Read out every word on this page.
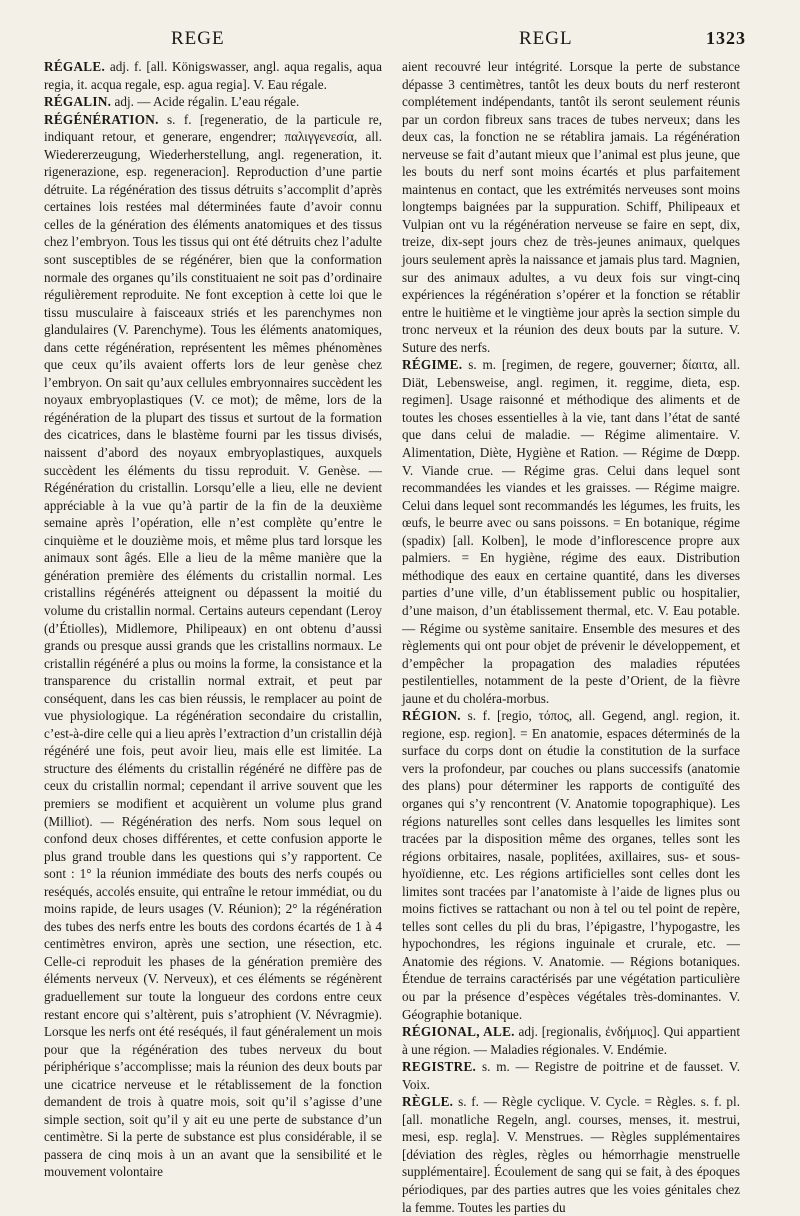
REGE	REGL	1323

RÉGALE. adj. f. [all. Königswasser, angl. aqua regalis, aqua regia, it. acqua regale, esp. agua regia]. V. Eau régale.

RÉGALIN. adj. — Acide régalin. L’eau régale.

RÉGÉNÉRATION. s. f. [regeneratio, de la particule re, indiquant retour, et generare, engendrer; παλιγγενεσία, all. Wiedererzeugung, Wiederherstellung, angl. regeneration, it. rigenerazione, esp. regeneracion]. Reproduction d’une partie détruite. La régénération des tissus détruits s’accomplit d’après certaines lois restées mal déterminées faute d’avoir connu celles de la génération des éléments anatomiques et des tissus chez l’embryon. Tous les tissus qui ont été détruits chez l’adulte sont susceptibles de se régénérer, bien que la conformation normale des organes qu’ils constituaient ne soit pas d’ordinaire régulièrement reproduite. Ne font exception à cette loi que le tissu musculaire à faisceaux striés et les parenchymes non glandulaires (V. Parenchyme). Tous les éléments anatomiques, dans cette régénération, représentent les mêmes phénomènes que ceux qu’ils avaient offerts lors de leur genèse chez l’embryon. On sait qu’aux cellules embryonnaires succèdent les noyaux embryoplastiques (V. ce mot); de même, lors de la régénération de la plupart des tissus et surtout de la formation des cicatrices, dans le blastème fourni par les tissus divisés, naissent d’abord des noyaux embryoplastiques, auxquels succèdent les éléments du tissu reproduit. V. Genèse. — Régénération du cristallin. Lorsqu’elle a lieu, elle ne devient appréciable à la vue qu’à partir de la fin de la deuxième semaine après l’opération, elle n’est complète qu’entre le cinquième et le douzième mois, et même plus tard lorsque les animaux sont âgés. Elle a lieu de la même manière que la génération première des éléments du cristallin normal. Les cristallins régénérés atteignent ou dépassent la moitié du volume du cristallin normal. Certains auteurs cependant (Leroy (d’Étiolles), Midlemore, Philipeaux) en ont obtenu d’aussi grands ou presque aussi grands que les cristallins normaux. Le cristallin régénéré a plus ou moins la forme, la consistance et la transparence du cristallin normal extrait, et peut par conséquent, dans les cas bien réussis, le remplacer au point de vue physiologique. La régénération secondaire du cristallin, c’est-à-dire celle qui a lieu après l’extraction d’un cristallin déjà régénéré une fois, peut avoir lieu, mais elle est limitée. La structure des éléments du cristallin régénéré ne diffère pas de ceux du cristallin normal; cependant il arrive souvent que les premiers se modifient et acquièrent un volume plus grand (Milliot). — Régénération des nerfs. Nom sous lequel on confond deux choses différentes, et cette confusion apporte le plus grand trouble dans les questions qui s’y rapportent. Ce sont : 1° la réunion immédiate des bouts des nerfs coupés ou reséqués, accolés ensuite, qui entraîne le retour immédiat, ou du moins rapide, de leurs usages (V. Réunion); 2° la régénération des tubes des nerfs entre les bouts des cordons écartés de 1 à 4 centimètres environ, après une section, une résection, etc. Celle-ci reproduit les phases de la génération première des éléments nerveux (V. Nerveux), et ces éléments se régénèrent graduellement sur toute la longueur des cordons entre ceux restant encore qui s’altèrent, puis s’atrophient (V. Névragmie). Lorsque les nerfs ont été reséqués, il faut généralement un mois pour que la régénération des tubes nerveux du bout périphérique s’accomplisse; mais la réunion des deux bouts par une cicatrice nerveuse et le rétablissement de la fonction demandent de trois à quatre mois, soit qu’il s’agisse d’une simple section, soit qu’il y ait eu une perte de substance d’un centimètre. Si la perte de substance est plus considérable, il se passera de cinq mois à un an avant que la sensibilité et le mouvement volontaire

aient recouvré leur intégrité. Lorsque la perte de substance dépasse 3 centimètres, tantôt les deux bouts du nerf resteront complétement indépendants, tantôt ils seront seulement réunis par un cordon fibreux sans traces de tubes nerveux; dans les deux cas, la fonction ne se rétablira jamais. La régénération nerveuse se fait d’autant mieux que l’animal est plus jeune, que les bouts du nerf sont moins écartés et plus parfaitement maintenus en contact, que les extrémités nerveuses sont moins longtemps baignées par la suppuration. Schiff, Philipeaux et Vulpian ont vu la régénération nerveuse se faire en sept, dix, treize, dix-sept jours chez de très-jeunes animaux, quelques jours seulement après la naissance et jamais plus tard. Magnien, sur des animaux adultes, a vu deux fois sur vingt-cinq expériences la régénération s’opérer et la fonction se rétablir entre le huitième et le vingtième jour après la section simple du tronc nerveux et la réunion des deux bouts par la suture. V. Suture des nerfs.

RÉGIME. s. m. [regimen, de regere, gouverner; δίαιτα, all. Diät, Lebensweise, angl. regimen, it. reggime, dieta, esp. regimen]. Usage raisonné et méthodique des aliments et de toutes les choses essentielles à la vie, tant dans l’état de santé que dans celui de maladie. — Régime alimentaire. V. Alimentation, Diète, Hygiène et Ration. — Régime de Dœpp. V. Viande crue. — Régime gras. Celui dans lequel sont recommandées les viandes et les graisses. — Régime maigre. Celui dans lequel sont recommandés les légumes, les fruits, les œufs, le beurre avec ou sans poissons. = En botanique, régime (spadix) [all. Kolben], le mode d’inflorescence propre aux palmiers. = En hygiène, régime des eaux. Distribution méthodique des eaux en certaine quantité, dans les diverses parties d’une ville, d’un établissement public ou hospitalier, d’une maison, d’un établissement thermal, etc. V. Eau potable. — Régime ou système sanitaire. Ensemble des mesures et des règlements qui ont pour objet de prévenir le développement, et d’empêcher la propagation des maladies réputées pestilentielles, notamment de la peste d’Orient, de la fièvre jaune et du choléra-morbus.

RÉGION. s. f. [regio, τόπος, all. Gegend, angl. region, it. regione, esp. region]. = En anatomie, espaces déterminés de la surface du corps dont on étudie la constitution de la surface vers la profondeur, par couches ou plans successifs (anatomie des plans) pour déterminer les rapports de contiguïté des organes qui s’y rencontrent (V. Anatomie topographique). Les régions naturelles sont celles dans lesquelles les limites sont tracées par la disposition même des organes, telles sont les régions orbitaires, nasale, poplitées, axillaires, sus- et sous-hyoïdienne, etc. Les régions artificielles sont celles dont les limites sont tracées par l’anatomiste à l’aide de lignes plus ou moins fictives se rattachant ou non à tel ou tel point de repère, telles sont celles du pli du bras, l’épigastre, l’hypogastre, les hypochondres, les régions inguinale et crurale, etc. — Anatomie des régions. V. Anatomie. — Régions botaniques. Étendue de terrains caractérisés par une végétation particulière ou par la présence d’espèces végétales très-dominantes. V. Géographie botanique.

RÉGIONAL, ALE. adj. [regionalis, ἐνδήμιος]. Qui appartient à une région. — Maladies régionales. V. Endémie.

REGISTRE. s. m. — Registre de poitrine et de fausset. V. Voix.

RÈGLE. s. f. — Règle cyclique. V. Cycle. = Règles. s. f. pl. [all. monatliche Regeln, angl. courses, menses, it. mestrui, mesi, esp. regla]. V. Menstrues. — Règles supplémentaires [déviation des règles, règles ou hémorrhagie menstruelle supplémentaire]. Écoulement de sang qui se fait, à des époques périodiques, par des parties autres que les voies génitales chez la femme. Toutes les parties du
